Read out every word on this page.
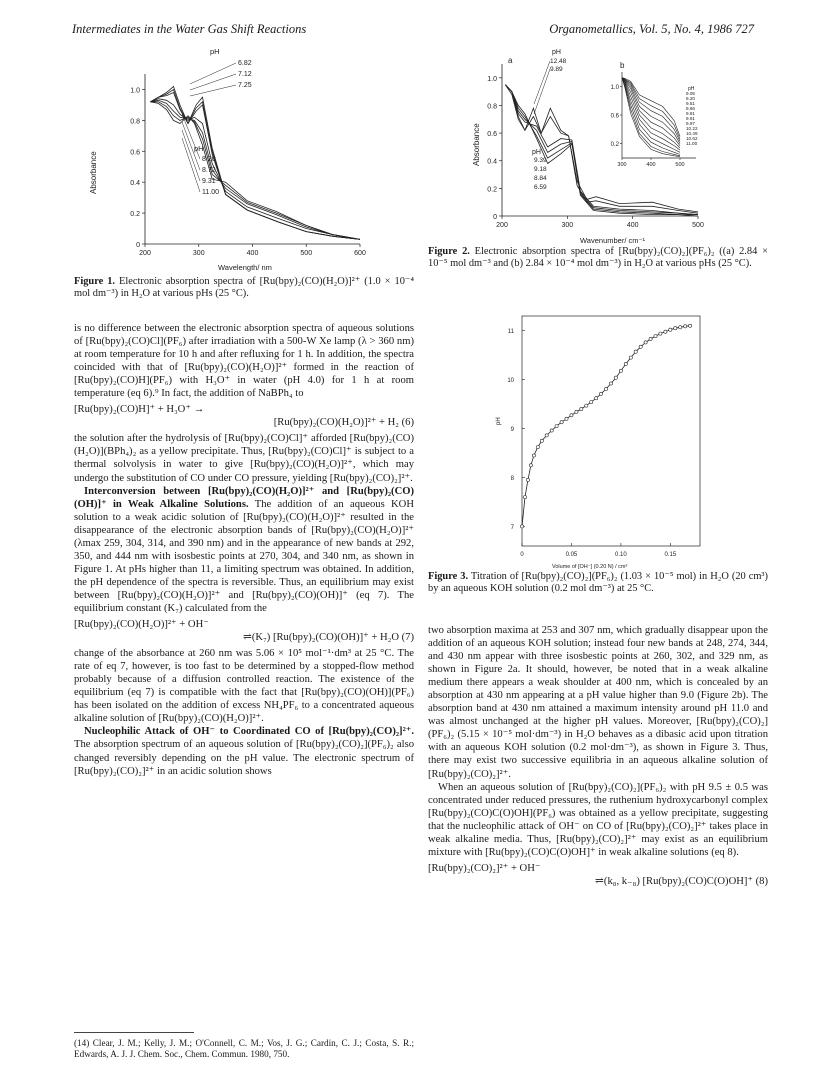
Intermediates in the Water Gas Shift Reactions	Organometallics, Vol. 5, No. 4, 1986 727
0
0.2
0.4
0.6
0.8
1.0
200	300	400	500	600
6.82
7.12
7.25
8.20
8.72
9.31
11.00
Absorbance
Wavelength/ nm
pH
pH
Figure 1. Electronic absorption spectra of [Ru(bpy)₂(CO)(H₂O)]²⁺ (1.0 × 10⁻⁴ mol dm⁻³) in H₂O at various pHs (25 °C).
0
0.2
0.4
0.6
0.8
1.0
200	300	400	500
12.48
9.89
9.39
9.18
8.84
6.59
1.0
0.6
0.2
300	400	500
9.05
9.20
9.51
9.66
9.81
9.91
9.97
10.22
10.49
10.62
11.00
a
b
Absorbance
Wavenumber/ cm⁻¹
pH
pH
pH
Figure 2. Electronic absorption spectra of [Ru(bpy)₂(CO)₂](PF₆)₂ ((a) 2.84 × 10⁻⁵ mol dm⁻³ and (b) 2.84 × 10⁻⁴ mol dm⁻³) in H₂O at various pHs (25 °C).
7
8
9
10
11
0	0.05	0.10	0.15
pH
Volume of [OH⁻] (0.20 N) / cm³
Figure 3. Titration of [Ru(bpy)₂(CO)₂](PF₆)₂ (1.03 × 10⁻⁵ mol) in H₂O (20 cm³) by an aqueous KOH solution (0.2 mol dm⁻³) at 25 °C.

is no difference between the electronic absorption spectra of aqueous solutions of [Ru(bpy)₂(CO)Cl](PF₆) after irradiation with a 500-W Xe lamp (λ > 360 nm) at room temperature for 10 h and after refluxing for 1 h. In addition, the spectra coincided with that of [Ru(bpy)₂(CO)(H₂O)]²⁺ formed in the reaction of [Ru(bpy)₂(CO)H](PF₆) with H₃O⁺ in water (pH 4.0) for 1 h at room temperature (eq 6).⁹ In fact, the addition of NaBPh₄ to

[Ru(bpy)₂(CO)H]⁺ + H₃O⁺ →
[Ru(bpy)₂(CO)(H₂O)]²⁺ + H₂ (6)

the solution after the hydrolysis of [Ru(bpy)₂(CO)Cl]⁺ afforded [Ru(bpy)₂(CO)(H₂O)](BPh₄)₂ as a yellow precipitate. Thus, [Ru(bpy)₂(CO)Cl]⁺ is subject to a thermal solvolysis in water to give [Ru(bpy)₂(CO)(H₂O)]²⁺, which may undergo the substitution of CO under CO pressure, yielding [Ru(bpy)₂(CO)₂]²⁺.

Interconversion between [Ru(bpy)₂(CO)(H₂O)]²⁺ and [Ru(bpy)₂(CO)(OH)]⁺ in Weak Alkaline Solutions. The addition of an aqueous KOH solution to a weak acidic solution of [Ru(bpy)₂(CO)(H₂O)]²⁺ resulted in the disappearance of the electronic absorption bands of [Ru(bpy)₂(CO)(H₂O)]²⁺ (λmax 259, 304, 314, and 390 nm) and in the appearance of new bands at 292, 350, and 444 nm with isosbestic points at 270, 304, and 340 nm, as shown in Figure 1. At pHs higher than 11, a limiting spectrum was obtained. In addition, the pH dependence of the spectra is reversible. Thus, an equilibrium may exist between [Ru(bpy)₂(CO)(H₂O)]²⁺ and [Ru(bpy)₂(CO)(OH)]⁺ (eq 7). The equilibrium constant (K₇) calculated from the

[Ru(bpy)₂(CO)(H₂O)]²⁺ + OH⁻
⇌(K₇) [Ru(bpy)₂(CO)(OH)]⁺ + H₂O (7)

change of the absorbance at 260 nm was 5.06 × 10⁵ mol⁻¹·dm³ at 25 °C. The rate of eq 7, however, is too fast to be determined by a stopped-flow method probably because of a diffusion controlled reaction. The existence of the equilibrium (eq 7) is compatible with the fact that [Ru(bpy)₂(CO)(OH)](PF₆) has been isolated on the addition of excess NH₄PF₆ to a concentrated aqueous alkaline solution of [Ru(bpy)₂(CO)(H₂O)]²⁺.

Nucleophilic Attack of OH⁻ to Coordinated CO of [Ru(bpy)₂(CO)₂]²⁺. The absorption spectrum of an aqueous solution of [Ru(bpy)₂(CO)₂](PF₆)₂ also changed reversibly depending on the pH value. The electronic spectrum of [Ru(bpy)₂(CO)₂]²⁺ in an acidic solution shows

two absorption maxima at 253 and 307 nm, which gradually disappear upon the addition of an aqueous KOH solution; instead four new bands at 248, 274, 344, and 430 nm appear with three isosbestic points at 260, 302, and 329 nm, as shown in Figure 2a. It should, however, be noted that in a weak alkaline medium there appears a weak shoulder at 400 nm, which is concealed by an absorption at 430 nm appearing at a pH value higher than 9.0 (Figure 2b). The absorption band at 430 nm attained a maximum intensity around pH 11.0 and was almost unchanged at the higher pH values. Moreover, [Ru(bpy)₂(CO)₂](PF₆)₂ (5.15 × 10⁻⁵ mol·dm⁻³) in H₂O behaves as a dibasic acid upon titration with an aqueous KOH solution (0.2 mol·dm⁻³), as shown in Figure 3. Thus, there may exist two successive equilibria in an aqueous alkaline solution of [Ru(bpy)₂(CO)₂]²⁺.

When an aqueous solution of [Ru(bpy)₂(CO)₂](PF₆)₂ with pH 9.5 ± 0.5 was concentrated under reduced pressures, the ruthenium hydroxycarbonyl complex [Ru(bpy)₂(CO)C(O)OH](PF₆) was obtained as a yellow precipitate, suggesting that the nucleophilic attack of OH⁻ on CO of [Ru(bpy)₂(CO)₂]²⁺ takes place in weak alkaline media. Thus, [Ru(bpy)₂(CO)₂]²⁺ may exist as an equilibrium mixture with [Ru(bpy)₂(CO)C(O)OH]⁺ in weak alkaline solutions (eq 8).

[Ru(bpy)₂(CO)₂]²⁺ + OH⁻
⇌(k₈, k₋₈) [Ru(bpy)₂(CO)C(O)OH]⁺ (8)
(14) Clear, J. M.; Kelly, J. M.; O'Connell, C. M.; Vos, J. G.; Cardin, C. J.; Costa, S. R.; Edwards, A. J. J. Chem. Soc., Chem. Commun. 1980, 750.
